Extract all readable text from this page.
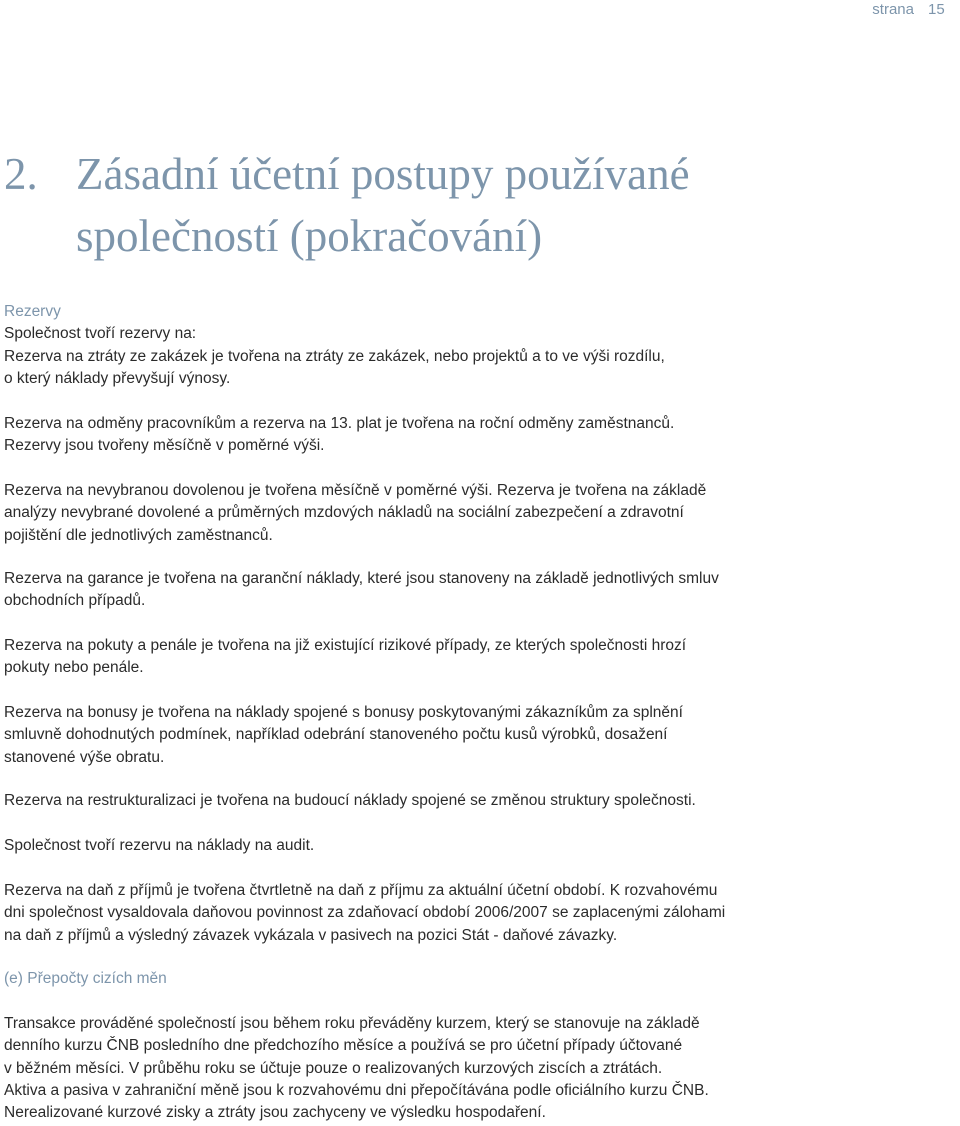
strana 15
2. Zásadní účetní postupy používané
společností (pokračování)
Rezervy
Společnost tvoří rezervy na:
Rezerva na ztráty ze zakázek je tvořena na ztráty ze zakázek, nebo projektů a to ve výši rozdílu,
o který náklady převyšují výnosy.
Rezerva na odměny pracovníkům a rezerva na 13. plat je tvořena na roční odměny zaměstnanců.
Rezervy jsou tvořeny měsíčně v poměrné výši.
Rezerva na nevybranou dovolenou je tvořena měsíčně v poměrné výši. Rezerva je tvořena na základě
analýzy nevybrané dovolené a průměrných mzdových nákladů na sociální zabezpečení a zdravotní
pojištění dle jednotlivých zaměstnanců.
Rezerva na garance je tvořena na garanční náklady, které jsou stanoveny na základě jednotlivých smluv
obchodních případů.
Rezerva na pokuty a penále je tvořena na již existující rizikové případy, ze kterých společnosti hrozí
pokuty nebo penále.
Rezerva na bonusy je tvořena na náklady spojené s bonusy poskytovanými zákazníkům za splnění
smluvně dohodnutých podmínek, například odebrání stanoveného počtu kusů výrobků, dosažení
stanovené výše obratu.
Rezerva na restrukturalizaci je tvořena na budoucí náklady spojené se změnou struktury společnosti.
Společnost tvoří rezervu na náklady na audit.
Rezerva na daň z příjmů je tvořena čtvrtletně na daň z příjmu za aktuální účetní období. K rozvahovému
dni společnost vysaldovala daňovou povinnost za zdaňovací období 2006/2007 se zaplacenými zálohami
na daň z příjmů a výsledný závazek vykázala v pasivech na pozici Stát - daňové závazky.
(e) Přepočty cizích měn
Transakce prováděné společností jsou během roku převáděny kurzem, který se stanovuje na základě
denního kurzu ČNB posledního dne předchozího měsíce a používá se pro účetní případy účtované
v běžném měsíci. V průběhu roku se účtuje pouze o realizovaných kurzových ziscích a ztrátách.
Aktiva a pasiva v zahraniční měně jsou k rozvahovému dni přepočítávána podle oficiálního kurzu ČNB.
Nerealizované kurzové zisky a ztráty jsou zachyceny ve výsledku hospodaření.
